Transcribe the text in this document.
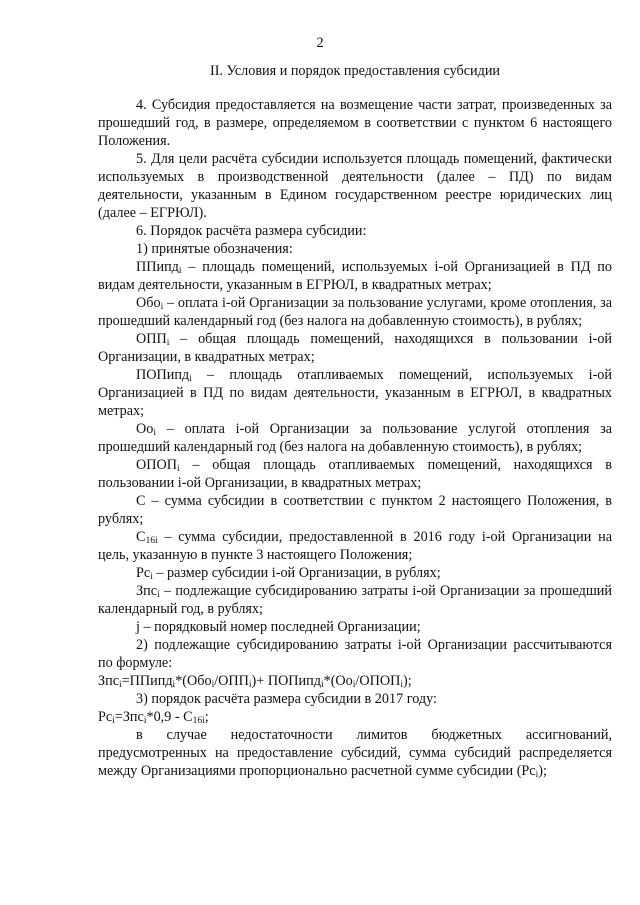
2
II. Условия и порядок предоставления субсидии

4. Субсидия предоставляется на возмещение части затрат, произведенных за прошедший год, в размере, определяемом в соответствии с пунктом 6 настоящего Положения.

5. Для цели расчёта субсидии используется площадь помещений, фактически используемых в производственной деятельности (далее – ПД) по видам деятельности, указанным в Едином государственном реестре юридических лиц (далее – ЕГРЮЛ).

6. Порядок расчёта размера субсидии:

1) принятые обозначения:

ППипд$_i$ – площадь помещений, используемых i-ой Организацией в ПД по видам деятельности, указанным в ЕГРЮЛ, в квадратных метрах;

Обо$_i$ – оплата i-ой Организации за пользование услугами, кроме отопления, за прошедший календарный год (без налога на добавленную стоимость), в рублях;

$ОПП_i$ – общая площадь помещений, находящихся в пользовании i-ой Организации, в квадратных метрах;

ПОПипд$_i$ – площадь отапливаемых помещений, используемых i-ой Организацией в ПД по видам деятельности, указанным в ЕГРЮЛ, в квадратных метрах;

$Оо_i$ – оплата i-ой Организации за пользование услугой отопления за прошедший календарный год (без налога на добавленную стоимость), в рублях;

$ОПОП_i$ – общая площадь отапливаемых помещений, находящихся в пользовании i-ой Организации, в квадратных метрах;

С – сумма субсидии в соответствии с пунктом 2 настоящего Положения, в рублях;

$С_{16i}$ – сумма субсидии, предоставленной в 2016 году i-ой Организации на цель, указанную в пункте 3 настоящего Положения;

$Рс_i$ – размер субсидии i-ой Организации, в рублях;

Зпс$_i$ – подлежащие субсидированию затраты i-ой Организации за прошедший календарный год, в рублях;

j – порядковый номер последней Организации;

2) подлежащие субсидированию затраты i-ой Организации рассчитываются по формуле:

$Зпс_i=ППипд_i*(Обо_i/ОПП_i)+$ $ПОПипд_i*(Оо_i/ОПОП_i)$;

3) порядок расчёта размера субсидии в 2017 году:

$Рс_i=Зпс_i*0,9 - С_{16i}$;

в случае недостаточности лимитов бюджетных ассигнований, предусмотренных на предоставление субсидий, сумма субсидий распределяется между Организациями пропорционально расчетной сумме субсидии $(Рс_i)$;
